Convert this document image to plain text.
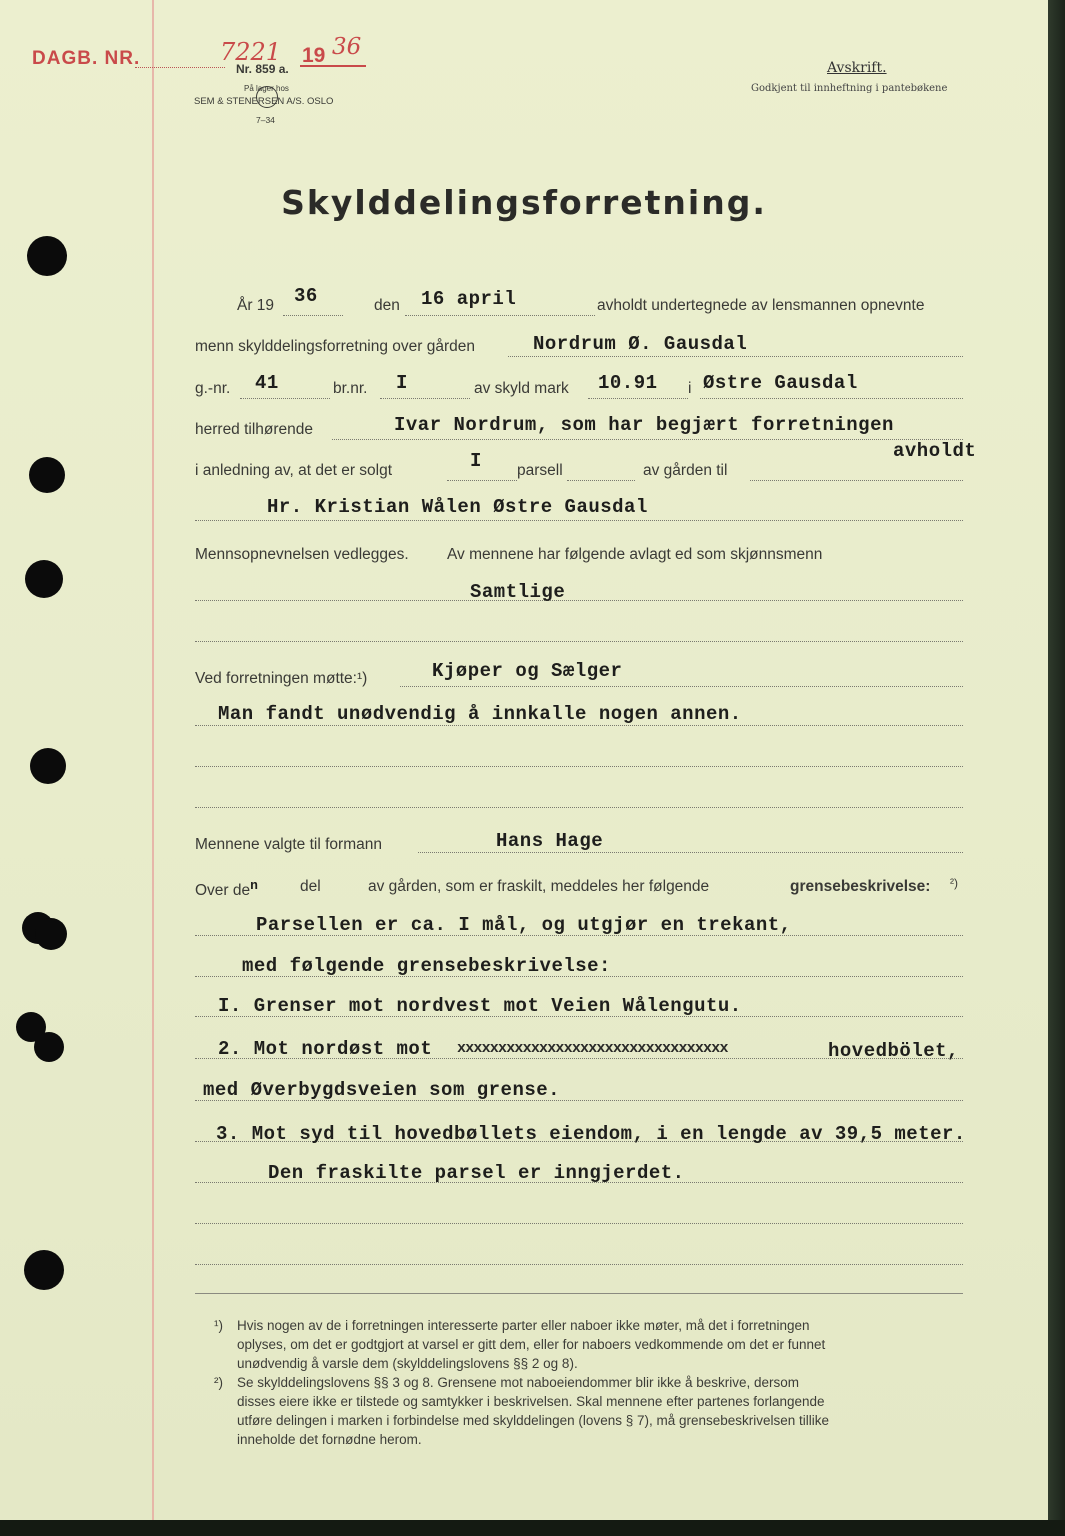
DAGB. NR.	7221 19 36
Nr. 859 a.
På lager hos
SEM & STENERSEN A/S. OSLO
7–34
Avskrift.
Godkjent til innheftning i pantebøkene
Skylddelingsforretning.
År 19 36	den 16 april	avholdt undertegnede av lensmannen opnevnte
menn skylddelingsforretning over gården	Nordrum Ø. Gausdal
g.-nr. 41	br.nr. I	av skyld mark 10.91 i Østre Gausdal
herred tilhørende	Ivar Nordrum, som har begjært forretningen
avholdt
i anledning av, at det er solgt	I parsell	av gården til
Hr. Kristian Wålen Østre Gausdal
Mennsopnevnelsen vedlegges. Av mennene har følgende avlagt ed som skjønnsmenn
Samtlige
Ved forretningen møtte:¹)	Kjøper og Sælger
Man fandt unødvendig å innkalle nogen annen.
Mennene valgte til formann	Hans Hage
Over $de^n$	del	av gården, som er fraskilt, meddeles her følgende	grensebeskrivelse: ²)
Parsellen er ca. I mål, og utgjør en trekant,
med følgende grensebeskrivelse:
I. Grenser mot nordvest mot Veien Wålengutu.
2. Mot nordøst mot xxxxxxxxxxxxxxxxxxxxxxxxxxxxxxxxx	hovedbölet,
med Øverbygdsveien som grense.
3. Mot syd til hovedbøllets eiendom, i en lengde av 39,5 meter.
Den fraskilte parsel er inngjerdet.
¹) Hvis nogen av de i forretningen interesserte parter eller naboer ikke møter, må det i forretningen
oplyses, om det er godtgjort at varsel er gitt dem, eller for naboers vedkommende om det er funnet
unødvendig å varsle dem (skylddelingslovens §§ 2 og 8).
²) Se skylddelingslovens §§ 3 og 8. Grensene mot naboeiendommer blir ikke å beskrive, dersom
disses eiere ikke er tilstede og samtykker i beskrivelsen. Skal mennene efter partenes forlangende
utføre delingen i marken i forbindelse med skylddelingen (lovens § 7), må grensebeskrivelsen tillike
inneholde det fornødne herom.
